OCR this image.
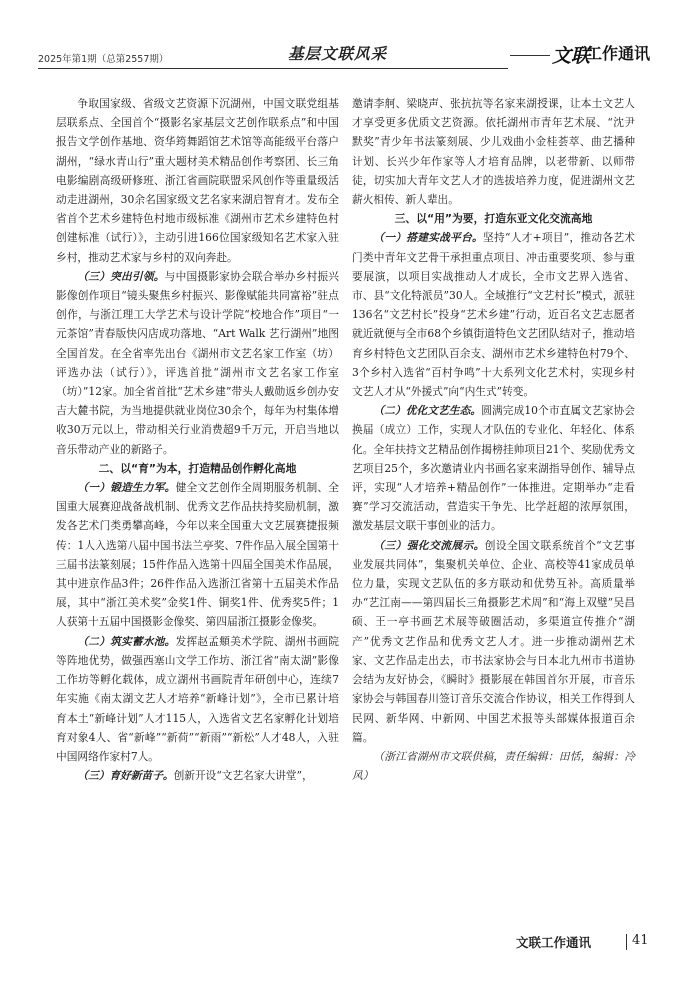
2025年第1期（总第2557期）	基层文联风采	文联
工作通讯

争取国家级、省级文艺资源下沉湖州，中国文联党组基层联系点、全国首个“摄影名家基层文艺创作联系点”和中国报告文学创作基地、资华筠舞蹈馆艺术馆等高能级平台落户湖州，“绿水青山行”重大题材美术精品创作考察团、长三角电影编剧高级研修班、浙江省画院联盟采风创作等重量级活动走进湖州，30余名国家级文艺名家来湖启智育才。发布全省首个艺术乡建特色村地市级标准《湖州市艺术乡建特色村创建标准（试行）》，主动引进166位国家级知名艺术家入驻乡村，推动艺术家与乡村的双向奔赴。

（三）突出引领。与中国摄影家协会联合举办乡村振兴影像创作项目“镜头聚焦乡村振兴、影像赋能共同富裕”驻点创作，与浙江理工大学艺术与设计学院“校地合作”项目“一元茶馆”青春版快闪店成功落地、“Art Walk 艺行湖州”地图全国首发。在全省率先出台《湖州市文艺名家工作室（坊）评选办法（试行）》，评选首批“湖州市文艺名家工作室（坊）”12家。加全省首批“艺术乡建”带头人戴勋返乡创办安吉大麓书院，为当地提供就业岗位30余个，每年为村集体增收30万元以上，带动相关行业消费超9千万元，开启当地以音乐带动产业的新路子。

二、以“育”为本，打造精品创作孵化高地

（一）锻造生力军。健全文艺创作全周期服务机制、全国重大展赛迎战备战机制、优秀文艺作品扶持奖励机制，激发各艺术门类勇攀高峰，今年以来全国重大文艺展赛捷报频传：1人入选第八届中国书法兰亭奖、7件作品入展全国第十三届书法篆刻展；15件作品入选第十四届全国美术作品展，其中进京作品3件；26件作品入选浙江省第十五届美术作品展，其中“浙江美术奖”金奖1件、铜奖1件、优秀奖5件；1人获第十五届中国摄影金像奖、第四届浙江摄影金像奖。

（二）筑实蓄水池。发挥赵孟頫美术学院、湖州书画院等阵地优势，做强西塞山文学工作坊、浙江省“南太湖”影像工作坊等孵化载体，成立湖州书画院青年研创中心，连续7年实施《南太湖文艺人才培养“新峰计划”》，全市已累计培育本土“新峰计划”人才115人，入选省文艺名家孵化计划培育对象4人、省“新峰”“新荷”“新雨”“新松”人才48人，入驻中国网络作家村7人。

（三）育好新苗子。创新开设“文艺名家大讲堂”，

邀请李舸、梁晓声、张抗抗等名家来湖授课，让本土文艺人才享受更多优质文艺资源。依托湖州市青年艺术展、“沈尹默奖”青少年书法篆刻展、少儿戏曲小金桂荟萃、曲艺播种计划、长兴少年作家等人才培育品牌，以老带新、以师带徒，切实加大青年文艺人才的选拔培养力度，促进湖州文艺薪火相传、新人辈出。

三、以“用”为要，打造东亚文化交流高地

（一）搭建实战平台。坚持“人才+项目”，推动各艺术门类中青年文艺骨干承担重点项目、冲击重要奖项、参与重要展演，以项目实战推动人才成长，全市文艺界入选省、市、县“文化特派员”30人。全域推行“文艺村长”模式，派驻136名“文艺村长”投身“艺术乡建”行动，近百名文艺志愿者就近就便与全市68个乡镇街道特色文艺团队结对子，推动培育乡村特色文艺团队百余支、湖州市艺术乡建特色村79个、3个乡村入选省“百村争鸣”十大系列文化艺术村，实现乡村文艺人才从“外援式”向“内生式”转变。

（二）优化文艺生态。圆满完成10个市直属文艺家协会换届（成立）工作，实现人才队伍的专业化、年轻化、体系化。全年扶持文艺精品创作揭榜挂帅项目21个、奖励优秀文艺项目25个，多次邀请业内书画名家来湖指导创作、辅导点评，实现“人才培养+精品创作”一体推进。定期举办“走看赛”学习交流活动，营造实干争先、比学赶超的浓厚氛围，激发基层文联干事创业的活力。

（三）强化交流展示。创设全国文联系统首个“文艺事业发展共同体”，集聚机关单位、企业、高校等41家成员单位力量，实现文艺队伍的多方联动和优势互补。高质量举办“艺江南——第四届长三角摄影艺术周”和“海上双璧”吴昌硕、王一亭书画艺术展等破圈活动，多渠道宣传推介“湖产”优秀文艺作品和优秀文艺人才。进一步推动湖州艺术家、文艺作品走出去，市书法家协会与日本北九州市书道协会结为友好协会，《瞬时》摄影展在韩国首尔开展，市音乐家协会与韩国春川签订音乐交流合作协议，相关工作得到人民网、新华网、中新网、中国艺术报等头部媒体报道百余篇。

（浙江省湖州市文联供稿，责任编辑：田恬，编辑：冷风）

文联工作通讯	41
